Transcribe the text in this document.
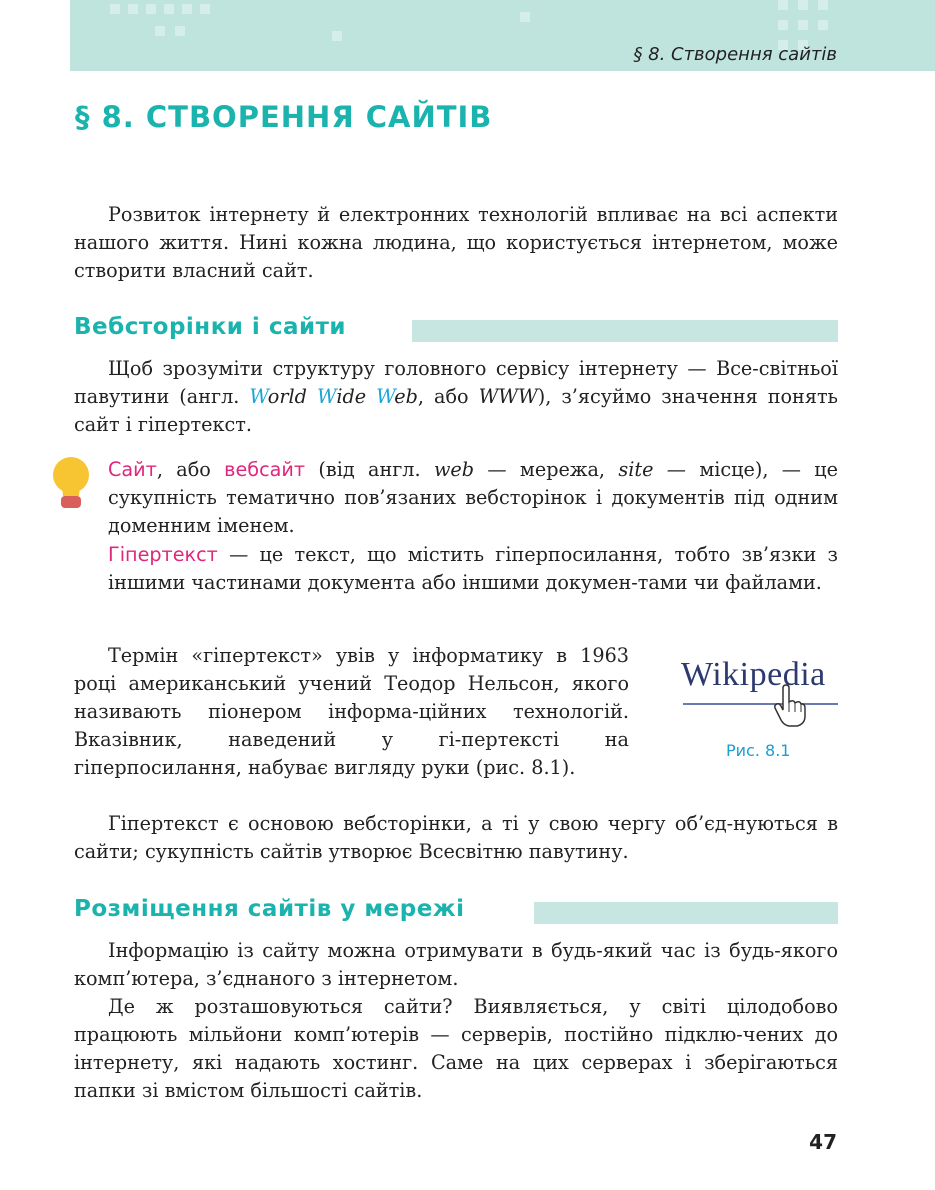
§ 8. Створення сайтів
§ 8. СТВОРЕННЯ САЙТІВ

Розвиток інтернету й електронних технологій впливає на всі аспекти нашого життя. Нині кожна людина, що користується інтернетом, може створити власний сайт.

Вебсторінки і сайти

Щоб зрозуміти структуру головного сервісу інтернету — Все-світньої павутини (англ. World Wide Web, або WWW), з’ясуймо значення понять сайт і гіпертекст.

Сайт, або вебсайт (від англ. web — мережа, site — місце), — це сукупність тематично пов’язаних вебсторінок і документів під одним доменним іменем.

Гіпертекст — це текст, що містить гіперпосилання, тобто зв’язки з іншими частинами документа або іншими докумен-тами чи файлами.

Термін «гіпертекст» увів у інформатику в 1963 році американський учений Теодор Нельсон, якого називають піонером інформа-ційних технологій. Вказівник, наведений у гі-пертексті на гіперпосилання, набуває вигляду руки (рис. 8.1).

Wikipedia
Рис. 8.1

Гіпертекст є основою вебсторінки, а ті у свою чергу об’єд-нуються в сайти; сукупність сайтів утворює Всесвітню павутину.

Розміщення сайтів у мережі

Інформацію із сайту можна отримувати в будь-який час із будь-якого комп’ютера, з’єднаного з інтернетом.

Де ж розташовуються сайти? Виявляється, у світі цілодобово працюють мільйони комп’ютерів — серверів, постійно підклю-чених до інтернету, які надають хостинг. Саме на цих серверах і зберігаються папки зі вмістом більшості сайтів.

47
